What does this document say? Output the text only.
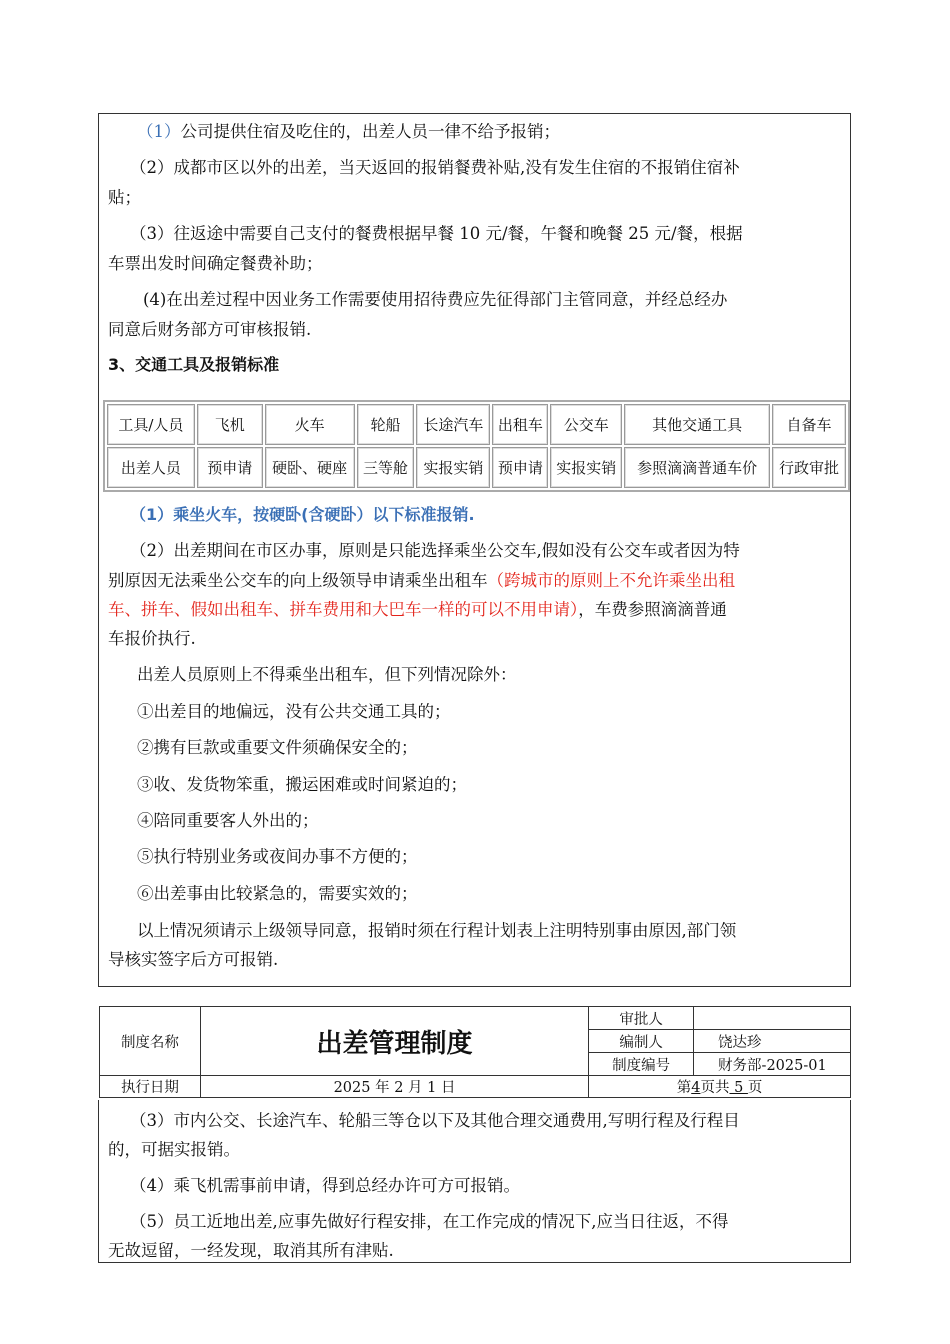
（1）公司提供住宿及吃住的，出差人员一律不给予报销；
（2）成都市区以外的出差，当天返回的报销餐费补贴,没有发生住宿的不报销住宿补
贴；
（3）往返途中需要自己支付的餐费根据早餐 10 元/餐，午餐和晚餐 25 元/餐，根据
车票出发时间确定餐费补助；
(4)在出差过程中因业务工作需要使用招待费应先征得部门主管同意，并经总经办
同意后财务部方可审核报销.
3、交通工具及报销标准
工具/人员	飞机	火车	轮船	长途汽车	出租车	公交车	其他交通工具	自备车
出差人员	预申请	硬卧、硬座	三等舱	实报实销	预申请	实报实销	参照滴滴普通车价	行政审批
（1）乘坐火车，按硬卧(含硬卧）以下标准报销.
（2）出差期间在市区办事，原则是只能选择乘坐公交车,假如没有公交车或者因为特
别原因无法乘坐公交车的向上级领导申请乘坐出租车（跨城市的原则上不允许乘坐出租
车、拼车、假如出租车、拼车费用和大巴车一样的可以不用申请），车费参照滴滴普通
车报价执行.
出差人员原则上不得乘坐出租车，但下列情况除外：
①出差目的地偏远，没有公共交通工具的；
②携有巨款或重要文件须确保安全的；
③收、发货物笨重，搬运困难或时间紧迫的；
④陪同重要客人外出的；
⑤执行特别业务或夜间办事不方便的；
⑥出差事由比较紧急的，需要实效的；
以上情况须请示上级领导同意，报销时须在行程计划表上注明特别事由原因,部门领
导核实签字后方可报销.
制度名称	出差管理制度	审批人	
		编制人	饶达珍
		制度编号	财务部-2025-01
执行日期	2025 年 2 月 1 日	第4页共 5 页	
（3）市内公交、长途汽车、轮船三等仓以下及其他合理交通费用,写明行程及行程目
的，可据实报销。
（4）乘飞机需事前申请，得到总经办许可方可报销。
（5）员工近地出差,应事先做好行程安排，在工作完成的情况下,应当日往返，不得
无故逗留，一经发现，取消其所有津贴.
